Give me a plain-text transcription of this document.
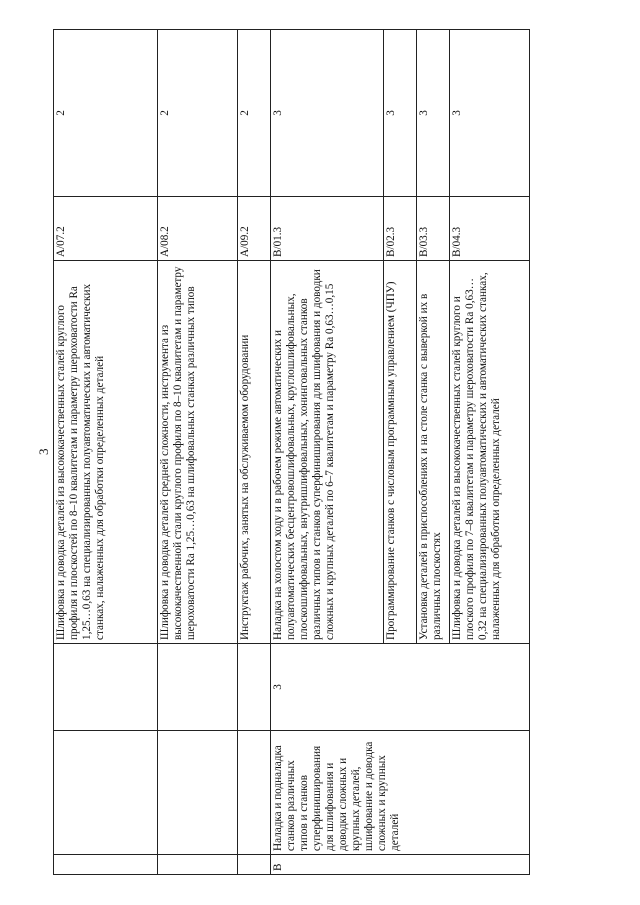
3
			Шлифовка и доводка деталей из высококачественных сталей круглого профиля и плоскостей по 8–10 квалитетам и параметру шероховатости Ra 1,25…0,63 на специализированных полуавтоматических и автоматических станках, налаженных для обработки определенных деталей	A/07.2	2
			Шлифовка и доводка деталей средней сложности, инструмента из высококачественной стали круглого профиля по 8–10 квалитетам и параметру шероховатости Ra 1,25…0,63 на шлифовальных станках различных типов	A/08.2	2
			Инструктаж рабочих, занятых на обслуживаемом оборудовании	A/09.2	2
B	Наладка и подналадка станков различных типов и станков суперфиниширования для шлифования и доводки сложных и крупных деталей, шлифование и доводка сложных и крупных деталей	3	Наладка на холостом ходу и в рабочем режиме автоматических и полуавтоматических бесцентровошлифовальных, круглошлифовальных, плоскошлифовальных, внутришлифовальных, хонинговальных станков различных типов и станков суперфиниширования для шлифования и доводки сложных и крупных деталей по 6–7 квалитетам и параметру Ra 0,63…0,15	B/01.3	3
			Программирование станков с числовым программным управлением (ЧПУ)	B/02.3	3
			Установка деталей в приспособлениях и на столе станка с выверкой их в различных плоскостях	B/03.3	3
			Шлифовка и доводка деталей из высококачественных сталей круглого и плоского профиля по 7–8 квалитетам и параметру шероховатости Ra 0,63…0,32 на специализированных полуавтоматических и автоматических станках, налаженных для обработки определенных деталей	B/04.3	3
